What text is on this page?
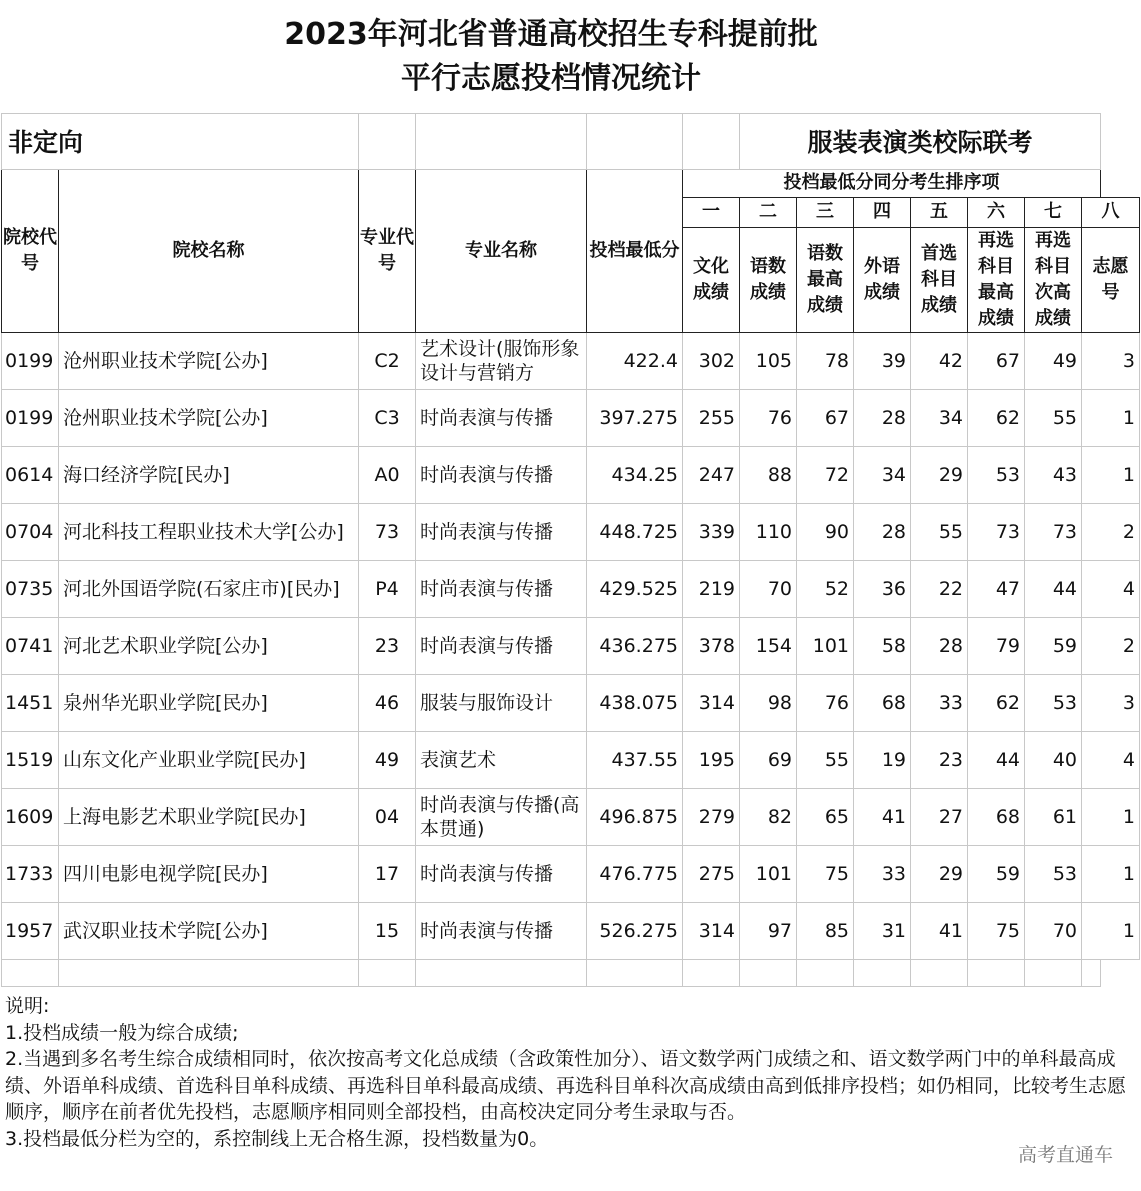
2023年河北省普通高校招生专科提前批
平行志愿投档情况统计												

非定向						服装表演类校际联考						
院校代号	院校名称	专业代号	专业名称	投档最低分	投档最低分同分考生排序项							
					一	二	三	四	五	六	七	八
					文化成绩	语数成绩	语数最高成绩	外语成绩	首选科目成绩	再选科目最高成绩	再选科目次高成绩	志愿号
0199	沧州职业技术学院[公办]	C2	艺术设计(服饰形象设计与营销方	422.4	302	105	78	39	42	67	49	3
0199	沧州职业技术学院[公办]	C3	时尚表演与传播	397.275	255	76	67	28	34	62	55	1
0614	海口经济学院[民办]	A0	时尚表演与传播	434.25	247	88	72	34	29	53	43	1
0704	河北科技工程职业技术大学[公办]	73	时尚表演与传播	448.725	339	110	90	28	55	73	73	2
0735	河北外国语学院(石家庄市)[民办]	P4	时尚表演与传播	429.525	219	70	52	36	22	47	44	4
0741	河北艺术职业学院[公办]	23	时尚表演与传播	436.275	378	154	101	58	28	79	59	2
1451	泉州华光职业学院[民办]	46	服装与服饰设计	438.075	314	98	76	68	33	62	53	3
1519	山东文化产业职业学院[民办]	49	表演艺术	437.55	195	69	55	19	23	44	40	4
1609	上海电影艺术职业学院[民办]	04	时尚表演与传播(高本贯通)	496.875	279	82	65	41	27	68	61	1
1733	四川电影电视学院[民办]	17	时尚表演与传播	476.775	275	101	75	33	29	59	53	1
1957	武汉职业技术学院[公办]	15	时尚表演与传播	526.275	314	97	85	31	41	75	70	1

说明:
1.投档成绩一般为综合成绩;
2.当遇到多名考生综合成绩相同时，依次按高考文化总成绩（含政策性加分）、语文数学两门成绩之和、语文数学两门中的单科最高成绩、外语单科成绩、首选科目单科成绩、再选科目单科最高成绩、再选科目单科次高成绩由高到低排序投档；如仍相同，比较考生志愿顺序，顺序在前者优先投档，志愿顺序相同则全部投档，由高校决定同分考生录取与否。
3.投档最低分栏为空的，系控制线上无合格生源，投档数量为0。
高考直通车
